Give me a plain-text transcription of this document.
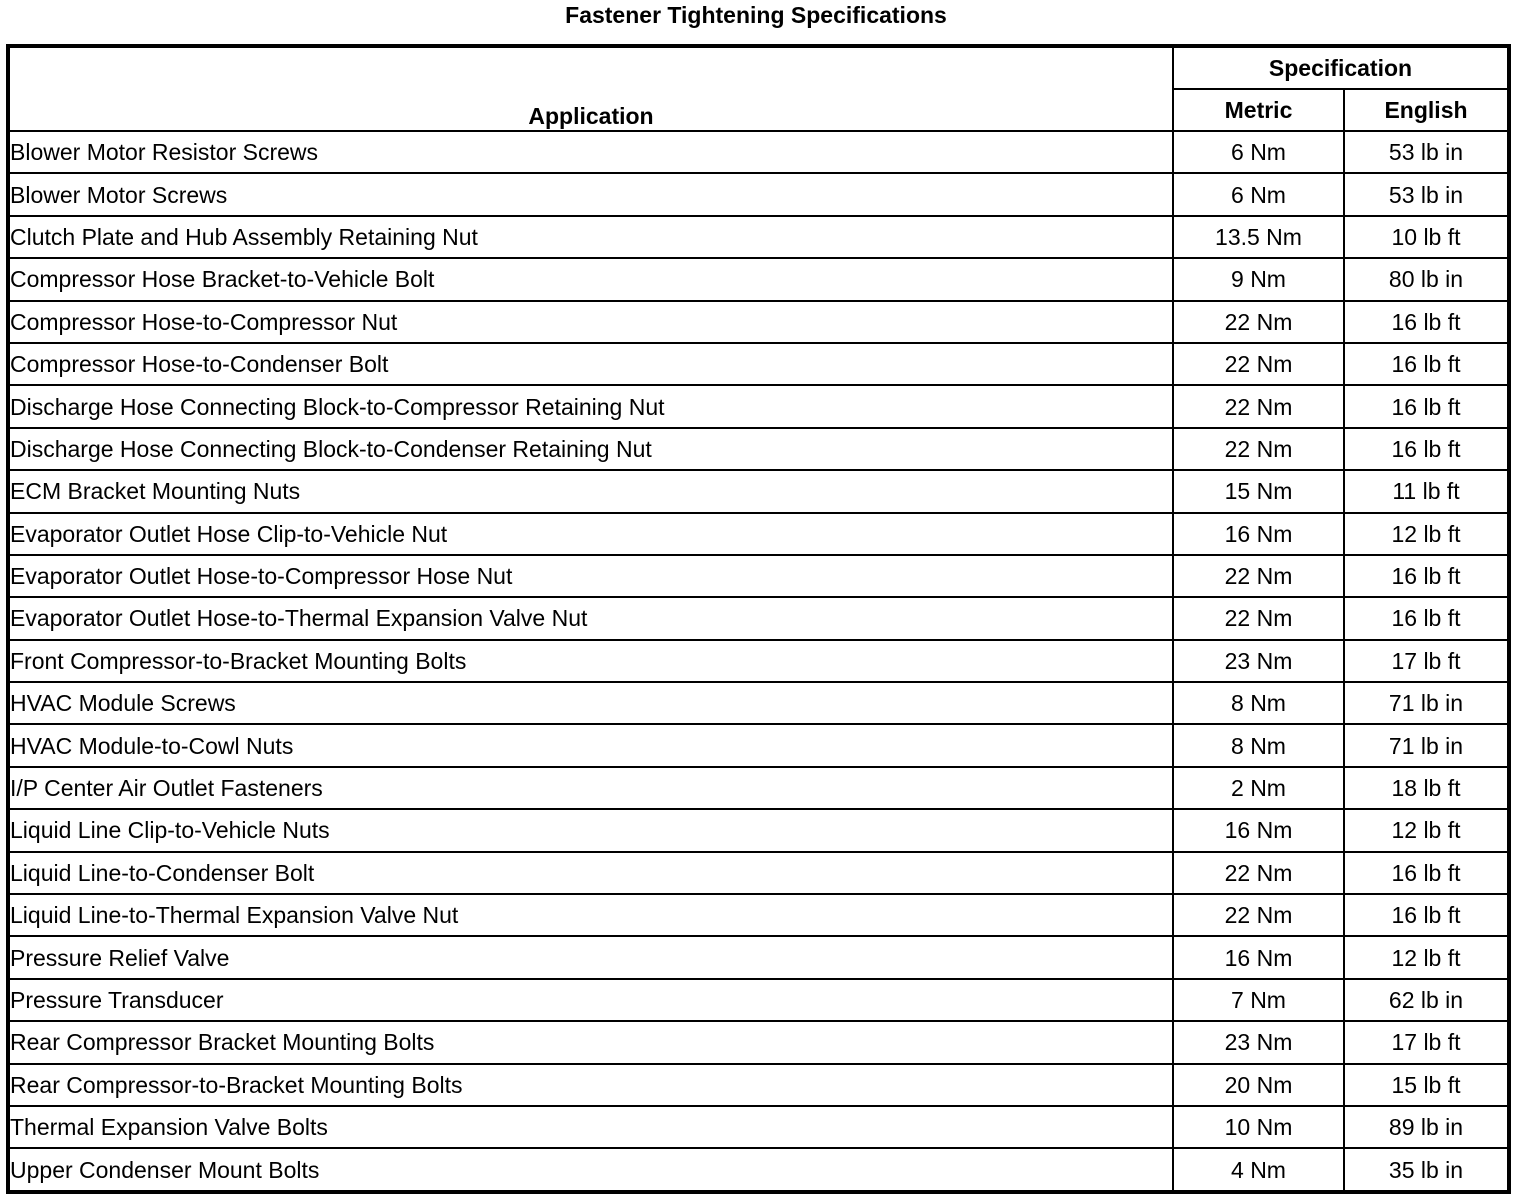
Fastener Tightening Specifications
Application	Specification	
	Metric	English
Blower Motor Resistor Screws	6 Nm	53 lb in
Blower Motor Screws	6 Nm	53 lb in
Clutch Plate and Hub Assembly Retaining Nut	13.5 Nm	10 lb ft
Compressor Hose Bracket-to-Vehicle Bolt	9 Nm	80 lb in
Compressor Hose-to-Compressor Nut	22 Nm	16 lb ft
Compressor Hose-to-Condenser Bolt	22 Nm	16 lb ft
Discharge Hose Connecting Block-to-Compressor Retaining Nut	22 Nm	16 lb ft
Discharge Hose Connecting Block-to-Condenser Retaining Nut	22 Nm	16 lb ft
ECM Bracket Mounting Nuts	15 Nm	11 lb ft
Evaporator Outlet Hose Clip-to-Vehicle Nut	16 Nm	12 lb ft
Evaporator Outlet Hose-to-Compressor Hose Nut	22 Nm	16 lb ft
Evaporator Outlet Hose-to-Thermal Expansion Valve Nut	22 Nm	16 lb ft
Front Compressor-to-Bracket Mounting Bolts	23 Nm	17 lb ft
HVAC Module Screws	8 Nm	71 lb in
HVAC Module-to-Cowl Nuts	8 Nm	71 lb in
I/P Center Air Outlet Fasteners	2 Nm	18 lb ft
Liquid Line Clip-to-Vehicle Nuts	16 Nm	12 lb ft
Liquid Line-to-Condenser Bolt	22 Nm	16 lb ft
Liquid Line-to-Thermal Expansion Valve Nut	22 Nm	16 lb ft
Pressure Relief Valve	16 Nm	12 lb ft
Pressure Transducer	7 Nm	62 lb in
Rear Compressor Bracket Mounting Bolts	23 Nm	17 lb ft
Rear Compressor-to-Bracket Mounting Bolts	20 Nm	15 lb ft
Thermal Expansion Valve Bolts	10 Nm	89 lb in
Upper Condenser Mount Bolts	4 Nm	35 lb in
